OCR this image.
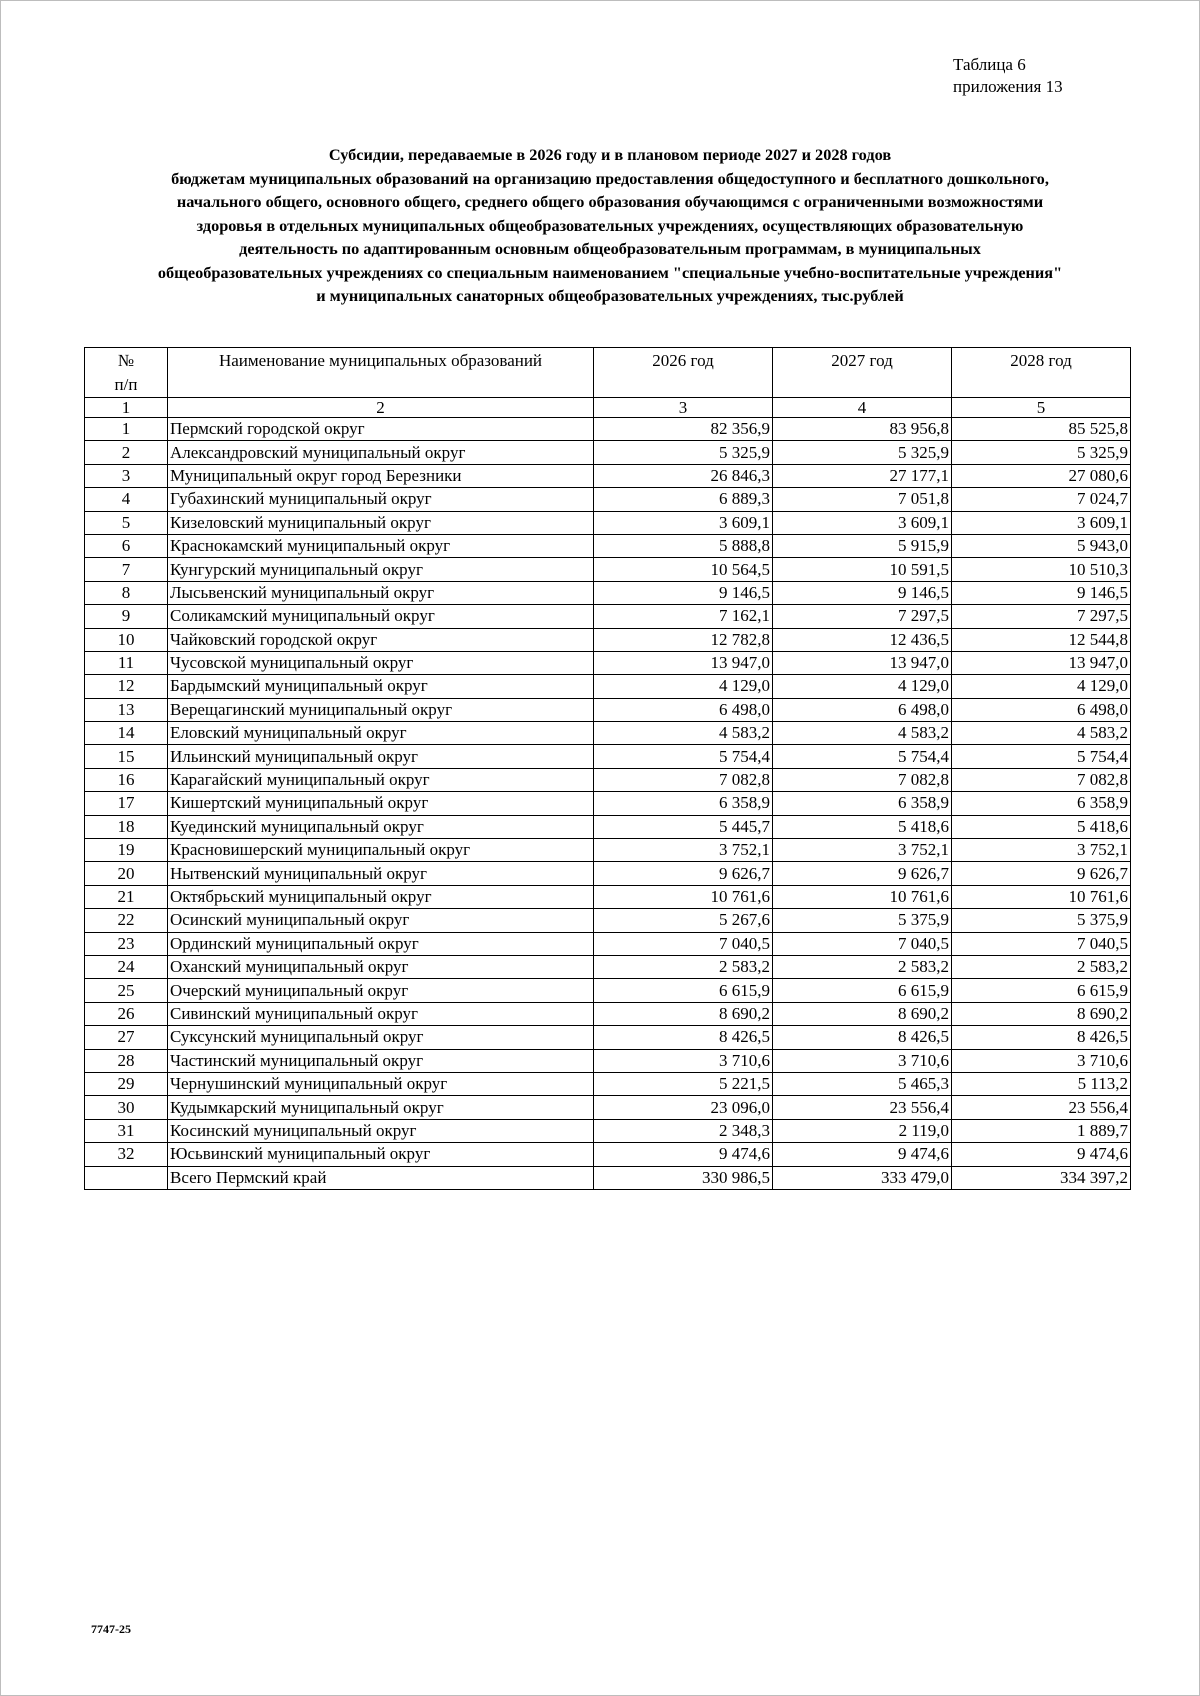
Таблица 6
приложения 13
Субсидии, передаваемые в 2026 году и в плановом периоде 2027 и 2028 годов
бюджетам муниципальных образований на организацию предоставления общедоступного и бесплатного дошкольного,
начального общего, основного общего, среднего общего образования обучающимся с ограниченными возможностями
здоровья в отдельных муниципальных общеобразовательных учреждениях, осуществляющих образовательную
деятельность по адаптированным основным общеобразовательным программам, в муниципальных
общеобразовательных учреждениях со специальным наименованием "специальные учебно-воспитательные учреждения"
и муниципальных санаторных общеобразовательных учреждениях, тыс.рублей
№
п/п	Наименование муниципальных образований	2026 год	2027 год	2028 год
1	2	3	4	5
1	Пермский городской округ	82 356,9	83 956,8	85 525,8
2	Александровский муниципальный округ	5 325,9	5 325,9	5 325,9
3	Муниципальный округ город Березники	26 846,3	27 177,1	27 080,6
4	Губахинский муниципальный округ	6 889,3	7 051,8	7 024,7
5	Кизеловский муниципальный округ	3 609,1	3 609,1	3 609,1
6	Краснокамский муниципальный округ	5 888,8	5 915,9	5 943,0
7	Кунгурский муниципальный округ	10 564,5	10 591,5	10 510,3
8	Лысьвенский муниципальный округ	9 146,5	9 146,5	9 146,5
9	Соликамский муниципальный округ	7 162,1	7 297,5	7 297,5
10	Чайковский городской округ	12 782,8	12 436,5	12 544,8
11	Чусовской муниципальный округ	13 947,0	13 947,0	13 947,0
12	Бардымский муниципальный округ	4 129,0	4 129,0	4 129,0
13	Верещагинский муниципальный округ	6 498,0	6 498,0	6 498,0
14	Еловский муниципальный округ	4 583,2	4 583,2	4 583,2
15	Ильинский муниципальный округ	5 754,4	5 754,4	5 754,4
16	Карагайский муниципальный округ	7 082,8	7 082,8	7 082,8
17	Кишертский муниципальный округ	6 358,9	6 358,9	6 358,9
18	Куединский муниципальный округ	5 445,7	5 418,6	5 418,6
19	Красновишерский муниципальный округ	3 752,1	3 752,1	3 752,1
20	Нытвенский муниципальный округ	9 626,7	9 626,7	9 626,7
21	Октябрьский муниципальный округ	10 761,6	10 761,6	10 761,6
22	Осинский муниципальный округ	5 267,6	5 375,9	5 375,9
23	Ординский муниципальный округ	7 040,5	7 040,5	7 040,5
24	Оханский муниципальный округ	2 583,2	2 583,2	2 583,2
25	Очерский муниципальный округ	6 615,9	6 615,9	6 615,9
26	Сивинский муниципальный округ	8 690,2	8 690,2	8 690,2
27	Суксунский муниципальный округ	8 426,5	8 426,5	8 426,5
28	Частинский муниципальный округ	3 710,6	3 710,6	3 710,6
29	Чернушинский муниципальный округ	5 221,5	5 465,3	5 113,2
30	Кудымкарский муниципальный округ	23 096,0	23 556,4	23 556,4
31	Косинский муниципальный округ	2 348,3	2 119,0	1 889,7
32	Юсьвинский муниципальный округ	9 474,6	9 474,6	9 474,6
	Всего Пермский край	330 986,5	333 479,0	334 397,2
7747-25
